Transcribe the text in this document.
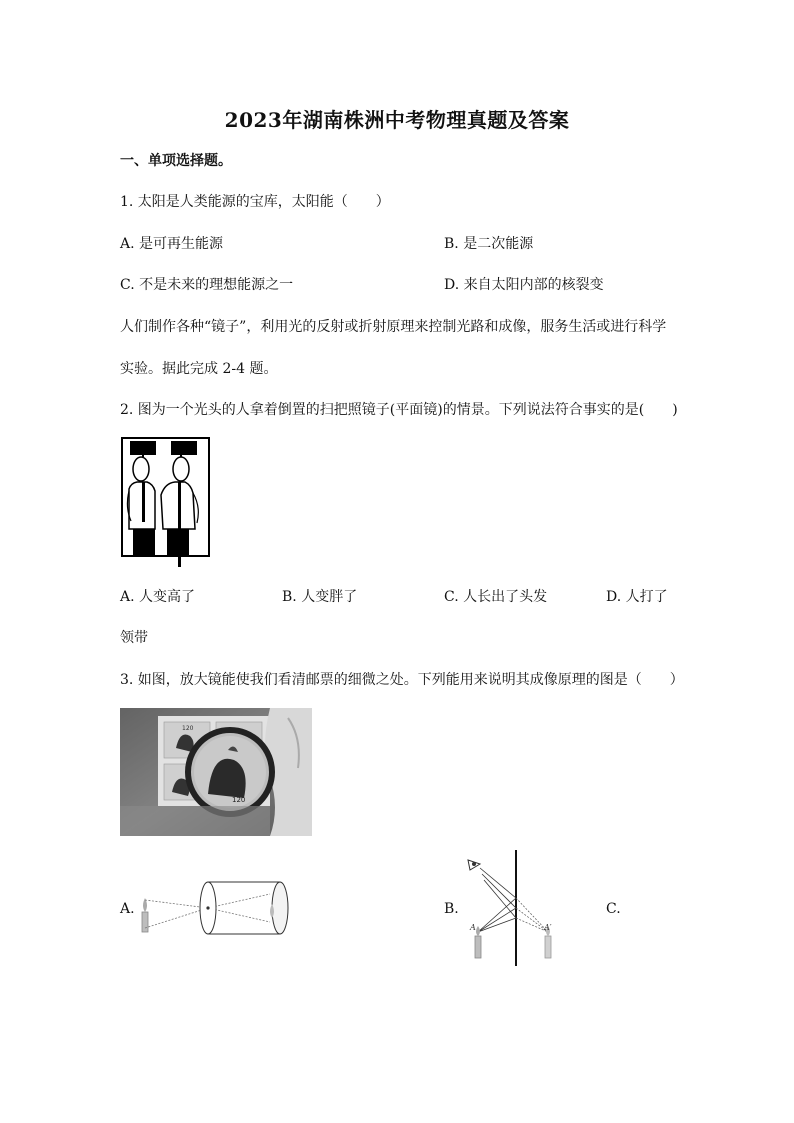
2023年湖南株洲中考物理真题及答案
一、单项选择题。
1. 太阳是人类能源的宝库，太阳能（　　）
A. 是可再生能源	B. 是二次能源
C. 不是未来的理想能源之一	D. 来自太阳内部的核裂变
人们制作各种“镜子”，利用光的反射或折射原理来控制光路和成像，服务生活或进行科学
实验。据此完成 2-4 题。
2. 图为一个光头的人拿着倒置的扫把照镜子(平面镜)的情景。下列说法符合事实的是(　　)
A. 人变高了	B. 人变胖了	C. 人长出了头发	D. 人打了
领带
3. 如图，放大镜能使我们看清邮票的细微之处。下列能用来说明其成像原理的图是（　　）
120
120
A.	B.
A	A′
C.
